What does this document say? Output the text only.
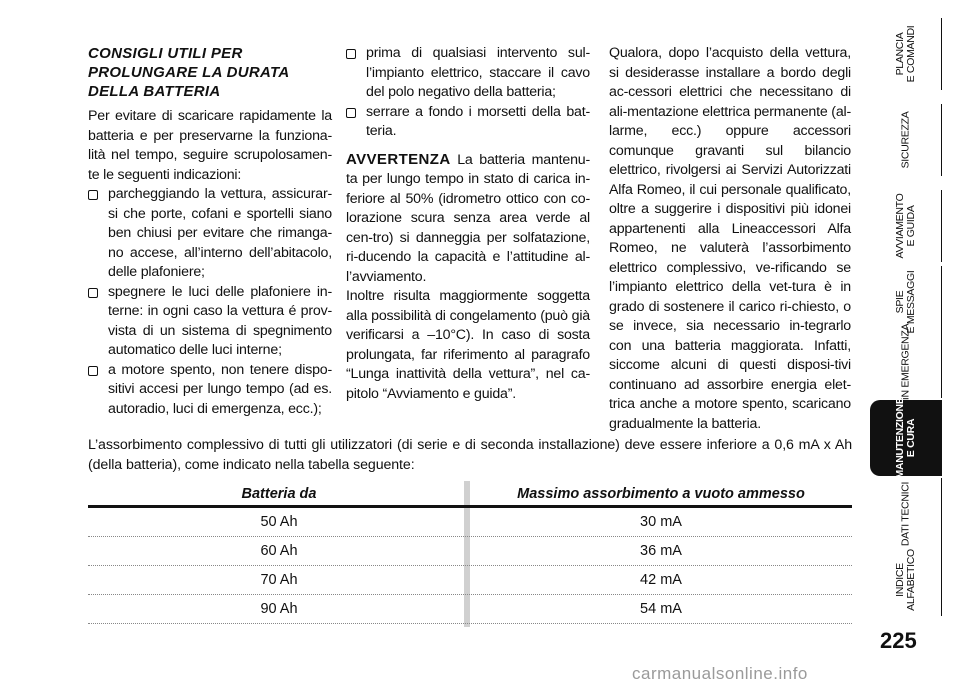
CONSIGLI UTILI PER
PROLUNGARE LA DURATA
DELLA BATTERIA

Per evitare di scaricare rapidamente la batteria e per preservarne la funziona-lità nel tempo, seguire scrupolosamen-te le seguenti indicazioni:

parcheggiando la vettura, assicurar-si che porte, cofani e sportelli siano ben chiusi per evitare che rimanga-no accese, all’interno dell’abitacolo, delle plafoniere;
spegnere le luci delle plafoniere in-terne: in ogni caso la vettura é prov-vista di un sistema di spegnimento automatico delle luci interne;
a motore spento, non tenere dispo-sitivi accesi per lungo tempo (ad es. autoradio, luci di emergenza, ecc.);
prima di qualsiasi intervento sul-l’impianto elettrico, staccare il cavo del polo negativo della batteria;
serrare a fondo i morsetti della bat-teria.

AVVERTENZA La batteria mantenu-ta per lungo tempo in stato di carica in-feriore al 50% (idrometro ottico con co-lorazione scura senza area verde al cen-tro) si danneggia per solfatazione, ri-ducendo la capacità e l’attitudine al-l’avviamento.

Inoltre risulta maggiormente soggetta alla possibilità di congelamento (può già verificarsi a –10°C). In caso di sosta prolungata, far riferimento al paragrafo “Lunga inattività della vettura”, nel ca-pitolo “Avviamento e guida”.

Qualora, dopo l’acquisto della vettura, si desiderasse installare a bordo degli ac-cessori elettrici che necessitano di ali-mentazione elettrica permanente (al-larme, ecc.) oppure accessori comunque gravanti sul bilancio elettrico, rivolgersi ai Servizi Autorizzati Alfa Romeo, il cui personale qualificato, oltre a suggerire i dispositivi più idonei appartenenti alla Lineaccessori Alfa Romeo, ne valuterà l’assorbimento elettrico complessivo, ve-rificando se l’impianto elettrico della vet-tura è in grado di sostenere il carico ri-chiesto, o se invece, sia necessario in-tegrarlo con una batteria maggiorata. Infatti, siccome alcuni di questi disposi-tivi continuano ad assorbire energia elet-trica anche a motore spento, scaricano gradualmente la batteria.

L’assorbimento complessivo di tutti gli utilizzatori (di serie e di seconda installazione) deve essere inferiore a 0,6 mA x Ah (della batteria), come indicato nella tabella seguente:
Batteria da	Massimo assorbimento a vuoto ammesso
50 Ah	30 mA
60 Ah	36 mA
70 Ah	42 mA
90 Ah	54 mA
PLANCIA
E COMANDI
SICUREZZA
AVVIAMENTO
E GUIDA
SPIE
E MESSAGGI
IN EMERGENZA
MANUTENZIONE
E CURA
DATI TECNICI
INDICE
ALFABETICO
225
carmanualsonline.info
